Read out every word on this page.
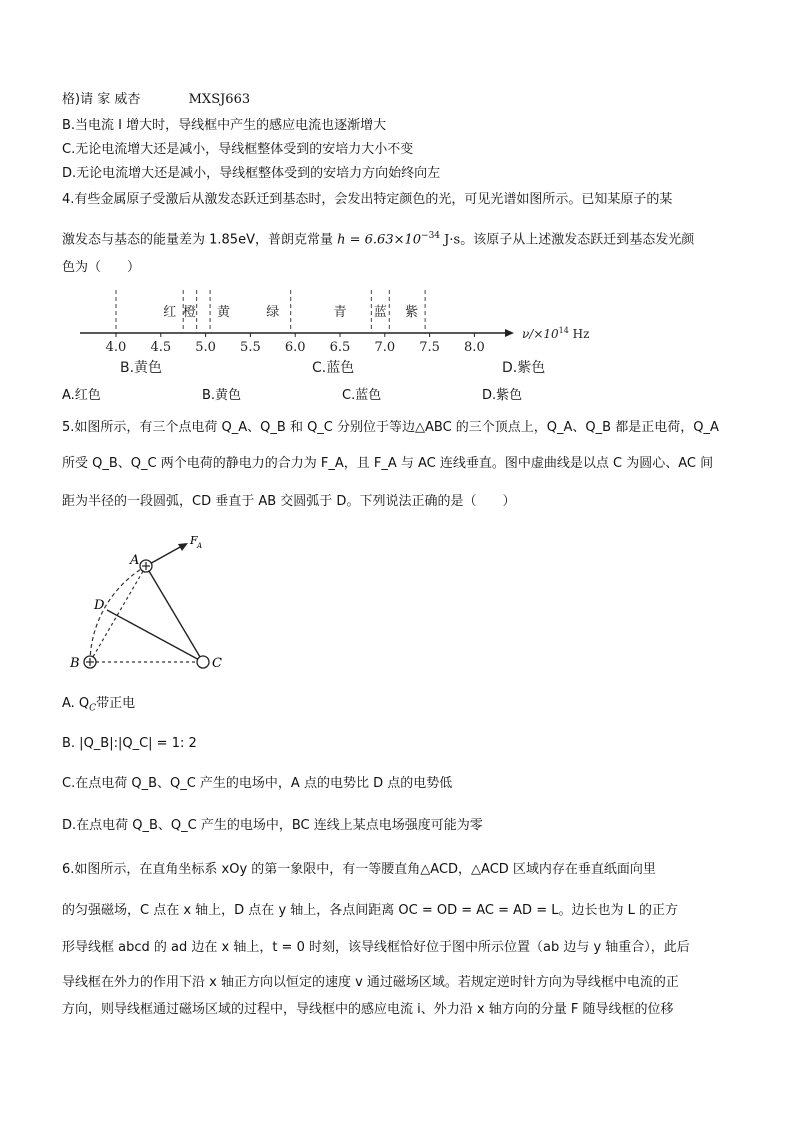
格)请 家 威杏	MXSJ663
B.当电流 I 增大时，导线框中产生的感应电流也逐渐增大
C.无论电流增大还是减小，导线框整体受到的安培力大小不变
D.无论电流增大还是减小，导线框整体受到的安培力方向始终向左
4.有些金属原子受激后从激发态跃迁到基态时，会发出特定颜色的光，可见光谱如图所示。已知某原子的某
激发态与基态的能量差为 1.85eV，普朗克常量 $h = 6.63\times 10^{-34}$ J·s。该原子从上述激发态跃迁到基态发光颜
色为（　　）
红 橙 黄	绿	青 蓝 紫
4.0 4.5 5.0 5.5 6.0 6.5 7.0 7.5 8.0
$\nu/\times 10^{14}$ Hz
B.黄色	C.蓝色	D.紫色
A.红色	B.黄色	C.蓝色	D.紫色
5.如图所示，有三个点电荷 Q_A、Q_B 和 Q_C 分别位于等边△ABC 的三个顶点上，Q_A、Q_B 都是正电荷，Q_A
所受 Q_B、Q_C 两个电荷的静电力的合力为 F_A，且 F_A 与 AC 连线垂直。图中虚曲线是以点 C 为圆心、AC 间
距为半径的一段圆弧，CD 垂直于 AB 交圆弧于 D。下列说法正确的是（　　）
A
B	C
D
F A
A. $Q_C$带正电
B. |Q_B|:|Q_C| = 1: 2
C.在点电荷 Q_B、Q_C 产生的电场中，A 点的电势比 D 点的电势低
D.在点电荷 Q_B、Q_C 产生的电场中，BC 连线上某点电场强度可能为零
6.如图所示，在直角坐标系 xOy 的第一象限中，有一等腰直角△ACD，△ACD 区域内存在垂直纸面向里
的匀强磁场，C 点在 x 轴上，D 点在 y 轴上，各点间距离 OC = OD = AC = AD = L。边长也为 L 的正方
形导线框 abcd 的 ad 边在 x 轴上，t = 0 时刻，该导线框恰好位于图中所示位置（ab 边与 y 轴重合），此后
导线框在外力的作用下沿 x 轴正方向以恒定的速度 v 通过磁场区域。若规定逆时针方向为导线框中电流的正
方向，则导线框通过磁场区域的过程中，导线框中的感应电流 i、外力沿 x 轴方向的分量 F 随导线框的位移
